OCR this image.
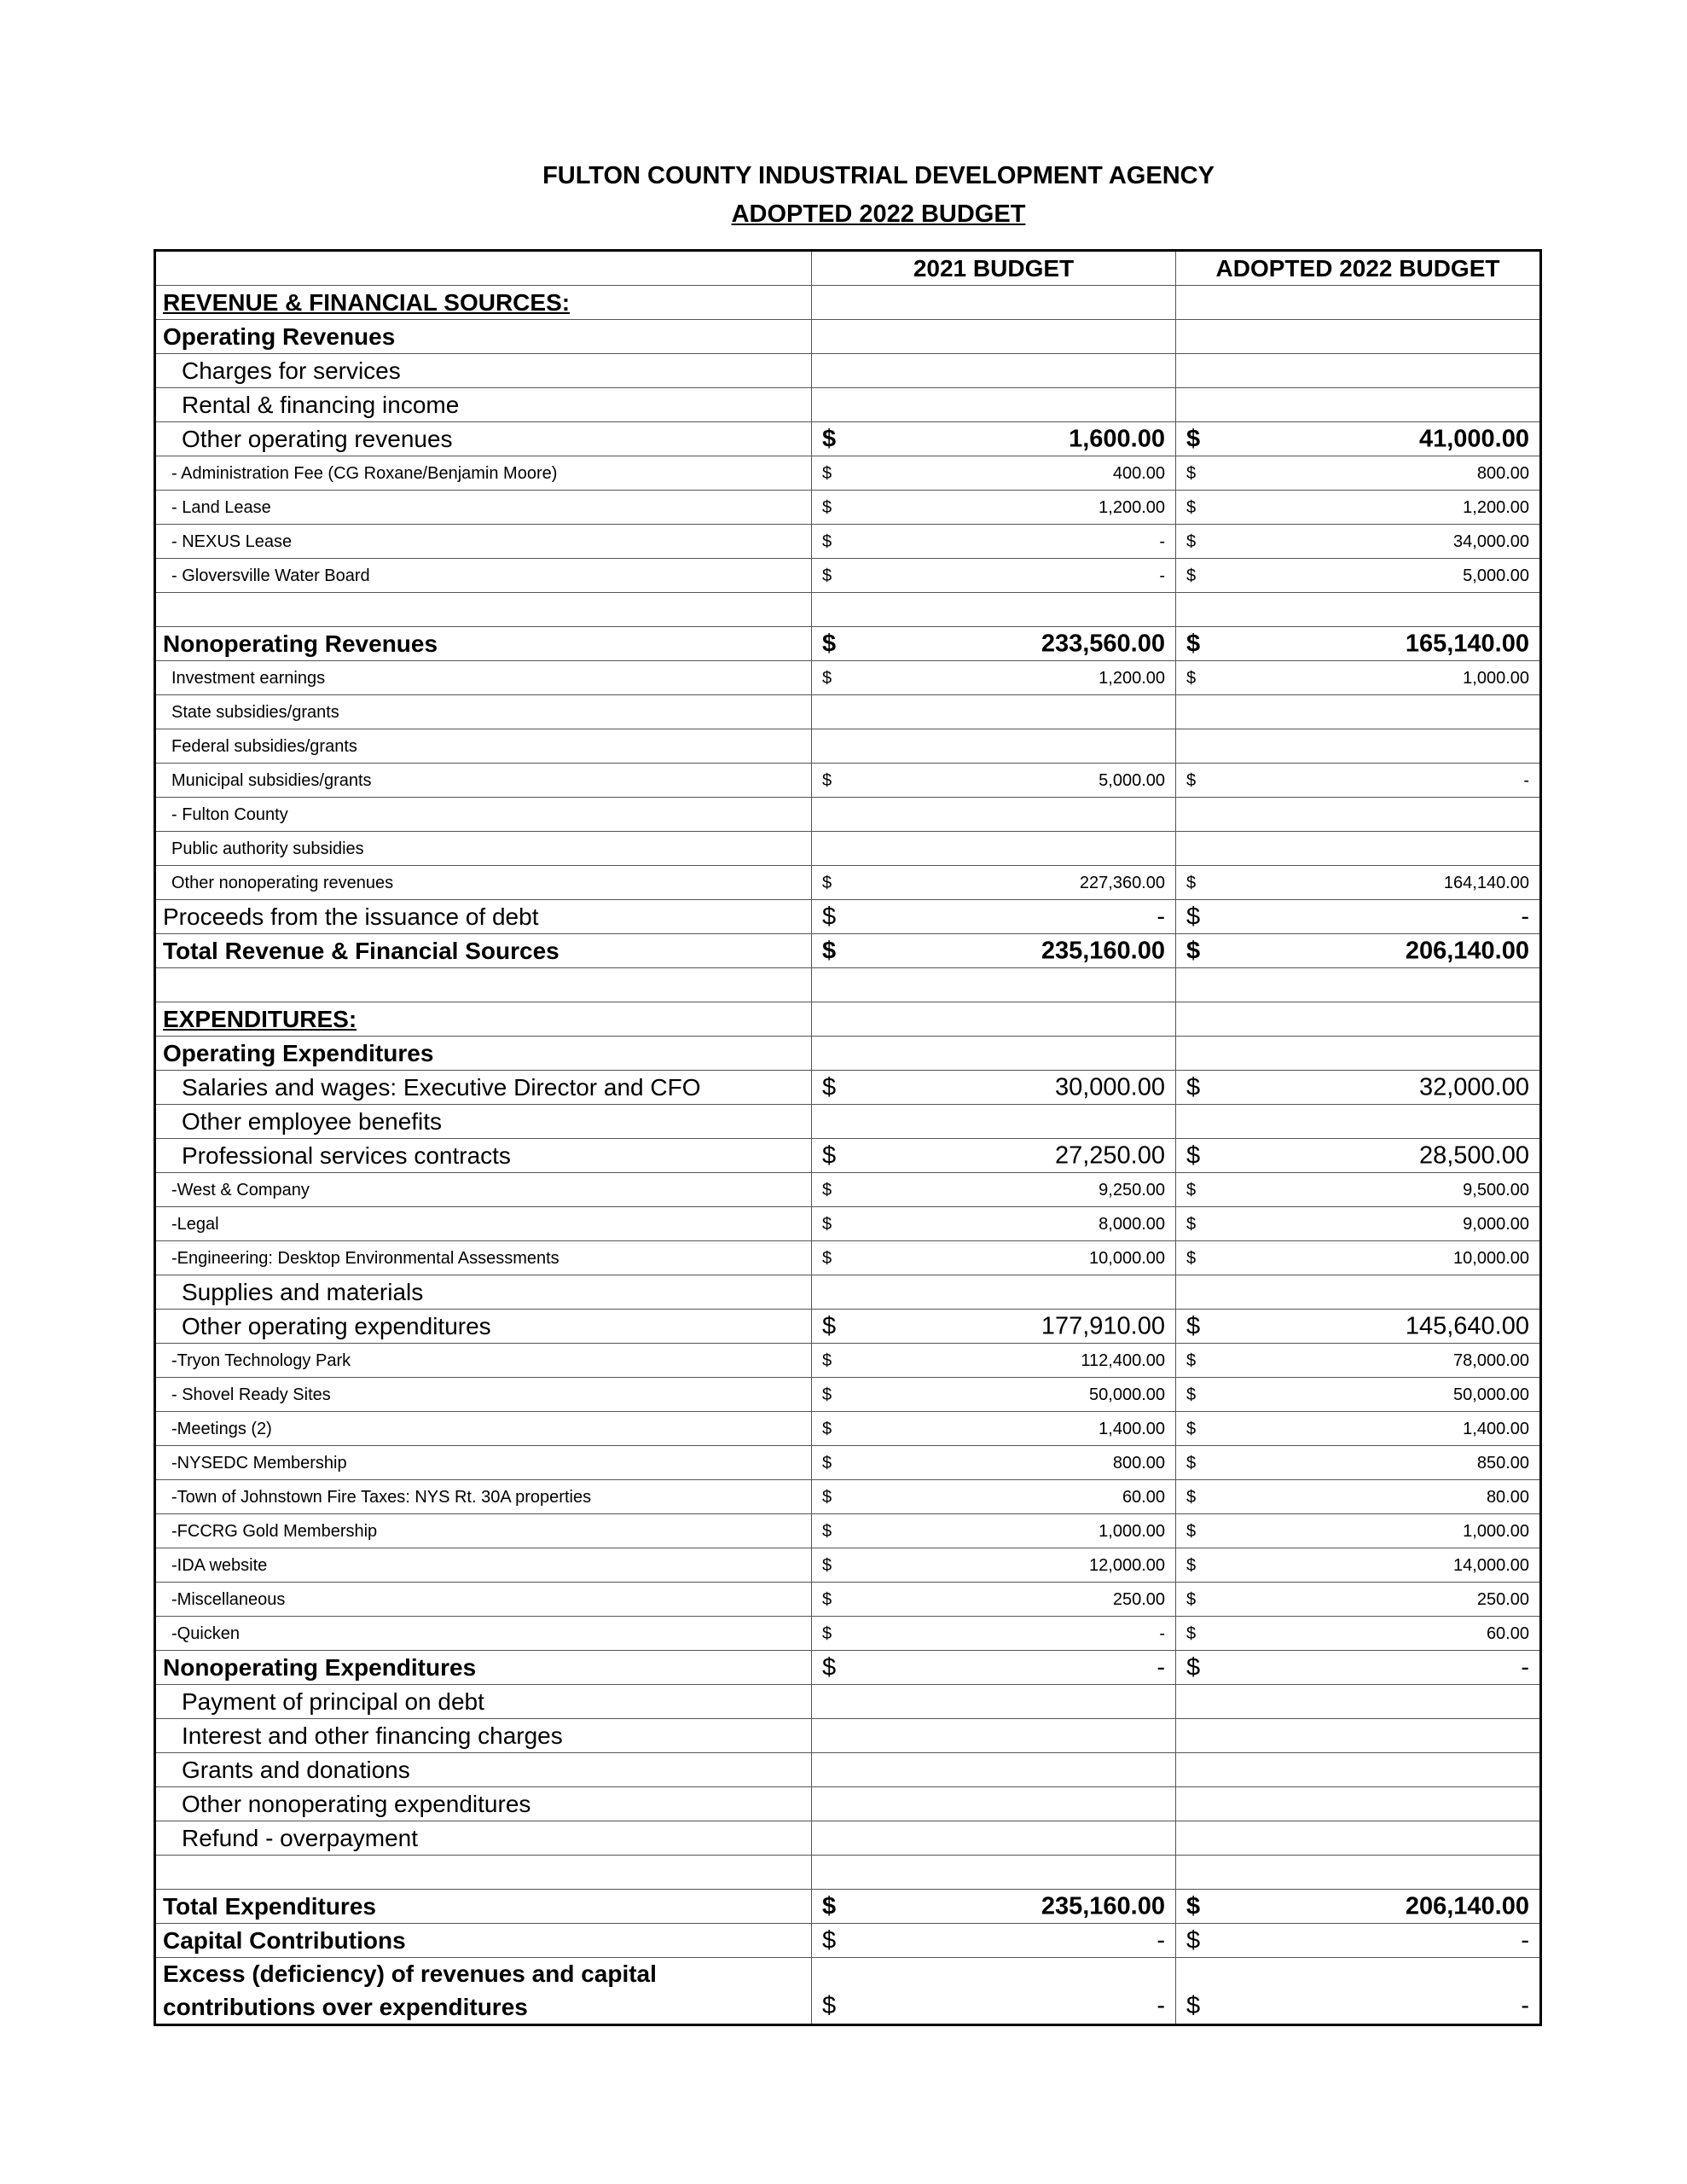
FULTON COUNTY INDUSTRIAL DEVELOPMENT AGENCY
ADOPTED 2022 BUDGET
	2021 BUDGET	ADOPTED 2022 BUDGET
REVENUE & FINANCIAL SOURCES:		
Operating Revenues		
Charges for services		
Rental & financing income		
Other operating revenues	$ 1,600.00	$ 41,000.00

- Administration Fee (CG Roxane/Benjamin Moore)	$ 400.00	$ 800.00

- Land Lease	$ 1,200.00	$ 1,200.00

- NEXUS Lease	$ -	$ 34,000.00

- Gloversville Water Board	$ -	$ 5,000.00

Nonoperating Revenues	$ 233,560.00	$ 165,140.00

Investment earnings	$ 1,200.00	$ 1,000.00

State subsidies/grants		
Federal subsidies/grants		
Municipal subsidies/grants	$ 5,000.00	$ -

- Fulton County		
Public authority subsidies		
Other nonoperating revenues	$ 227,360.00	$ 164,140.00

Proceeds from the issuance of debt	$ -	$ -

Total Revenue & Financial Sources	$ 235,160.00	$ 206,140.00

EXPENDITURES:		
Operating Expenditures		
Salaries and wages: Executive Director and CFO	$ 30,000.00	$ 32,000.00

Other employee benefits		
Professional services contracts	$ 27,250.00	$ 28,500.00

-West & Company	$ 9,250.00	$ 9,500.00

-Legal	$ 8,000.00	$ 9,000.00

-Engineering: Desktop Environmental Assessments	$ 10,000.00	$ 10,000.00

Supplies and materials		
Other operating expenditures	$ 177,910.00	$ 145,640.00

-Tryon Technology Park	$ 112,400.00	$ 78,000.00

- Shovel Ready Sites	$ 50,000.00	$ 50,000.00

-Meetings (2)	$ 1,400.00	$ 1,400.00

-NYSEDC Membership	$ 800.00	$ 850.00

-Town of Johnstown Fire Taxes: NYS Rt. 30A properties	$ 60.00	$ 80.00

-FCCRG Gold Membership	$ 1,000.00	$ 1,000.00

-IDA website	$ 12,000.00	$ 14,000.00

-Miscellaneous	$ 250.00	$ 250.00

-Quicken	$ -	$ 60.00

Nonoperating Expenditures	$ -	$ -

Payment of principal on debt		
Interest and other financing charges		
Grants and donations		
Other nonoperating expenditures		
Refund - overpayment		

Total Expenditures	$ 235,160.00	$ 206,140.00

Capital Contributions	$ -	$ -

Excess (deficiency) of revenues and capital contributions over expenditures	$ -	$ -
